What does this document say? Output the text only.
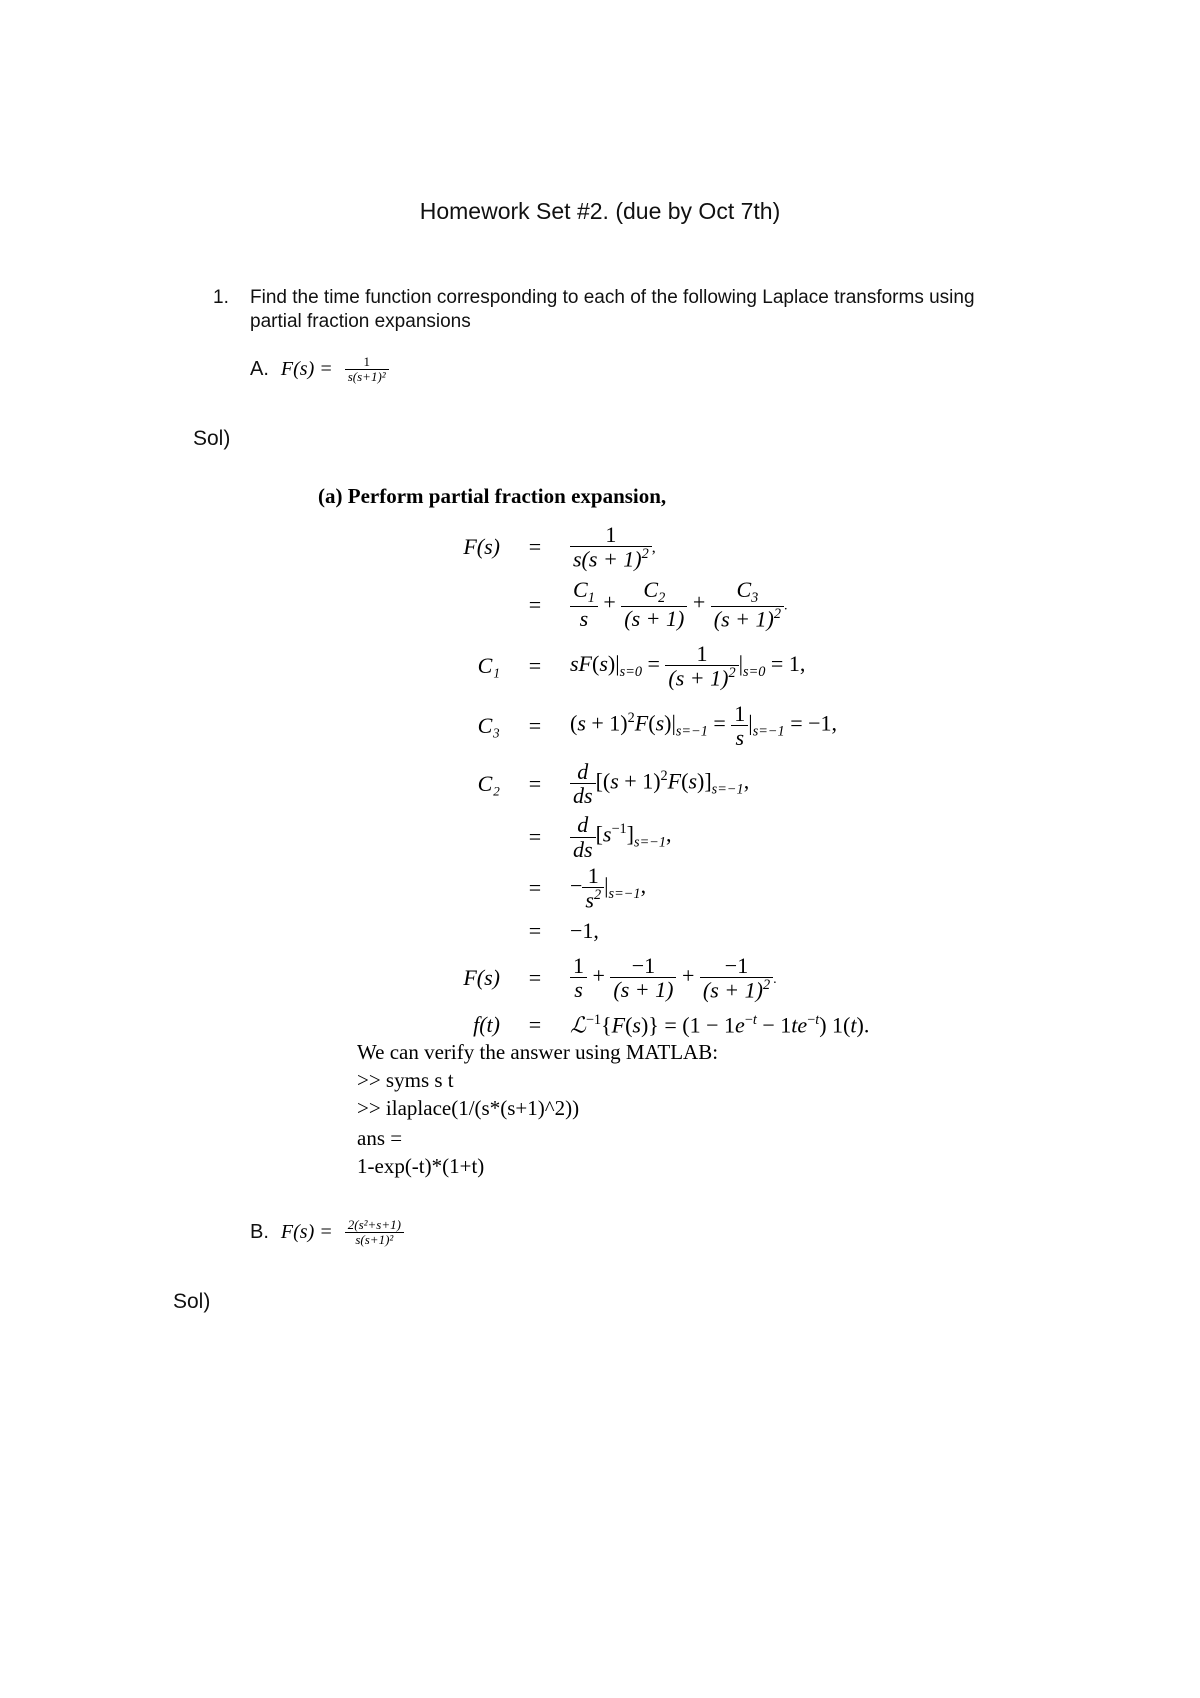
Homework Set #2. (due by Oct 7th)
1. Find the time function corresponding to each of the following Laplace transforms using
partial fraction expansions
A. $F(s) = \frac{1}{\text{s(s+1)²}}$
Sol)
(a) Perform partial fraction expansion,
F(s)	=	$\frac{1}{s(s + 1)^2}$ ,
=	$\frac{C_1}{s} + \frac{C_2}{(s + 1)} + \frac{C_3}{(s + 1)^2}$ .
C₁	=	$sF(s)|_{s=0} = \frac{1}{(s + 1)^2} |_{s=0} = 1$,
C₃	=	$(s + 1)^2F(s)|_{s=-1} = \frac{1}{s} |_{s=-1} = -1$,
C₂	=	$\frac{d}{ds} [(s + 1)^2F(s)]_{s=-1}$,
=	$\frac{d}{ds} [s^{-1}]_{s=-1}$,
=	− $\frac{1}{s^2} |_{s=-1}$,
=	−1,
F(s)	=	$\frac{1}{s} + \frac{-1}{(s + 1)} + \frac{-1}{(s + 1)^2}$ .
f(t)	=	ℒ$^{-1}${F(s)} = $(1 - 1e^{-t} - 1te^{-t})$ 1(t).
We can verify the answer using MATLAB:
>> syms s t
>> ilaplace(1/(s*(s+1)^2))
ans =
1-exp(-t)*(1+t)
B. $F(s) = \frac{\text{2(s²+s+1)}}{\text{s(s+1)²}}$
Sol)
